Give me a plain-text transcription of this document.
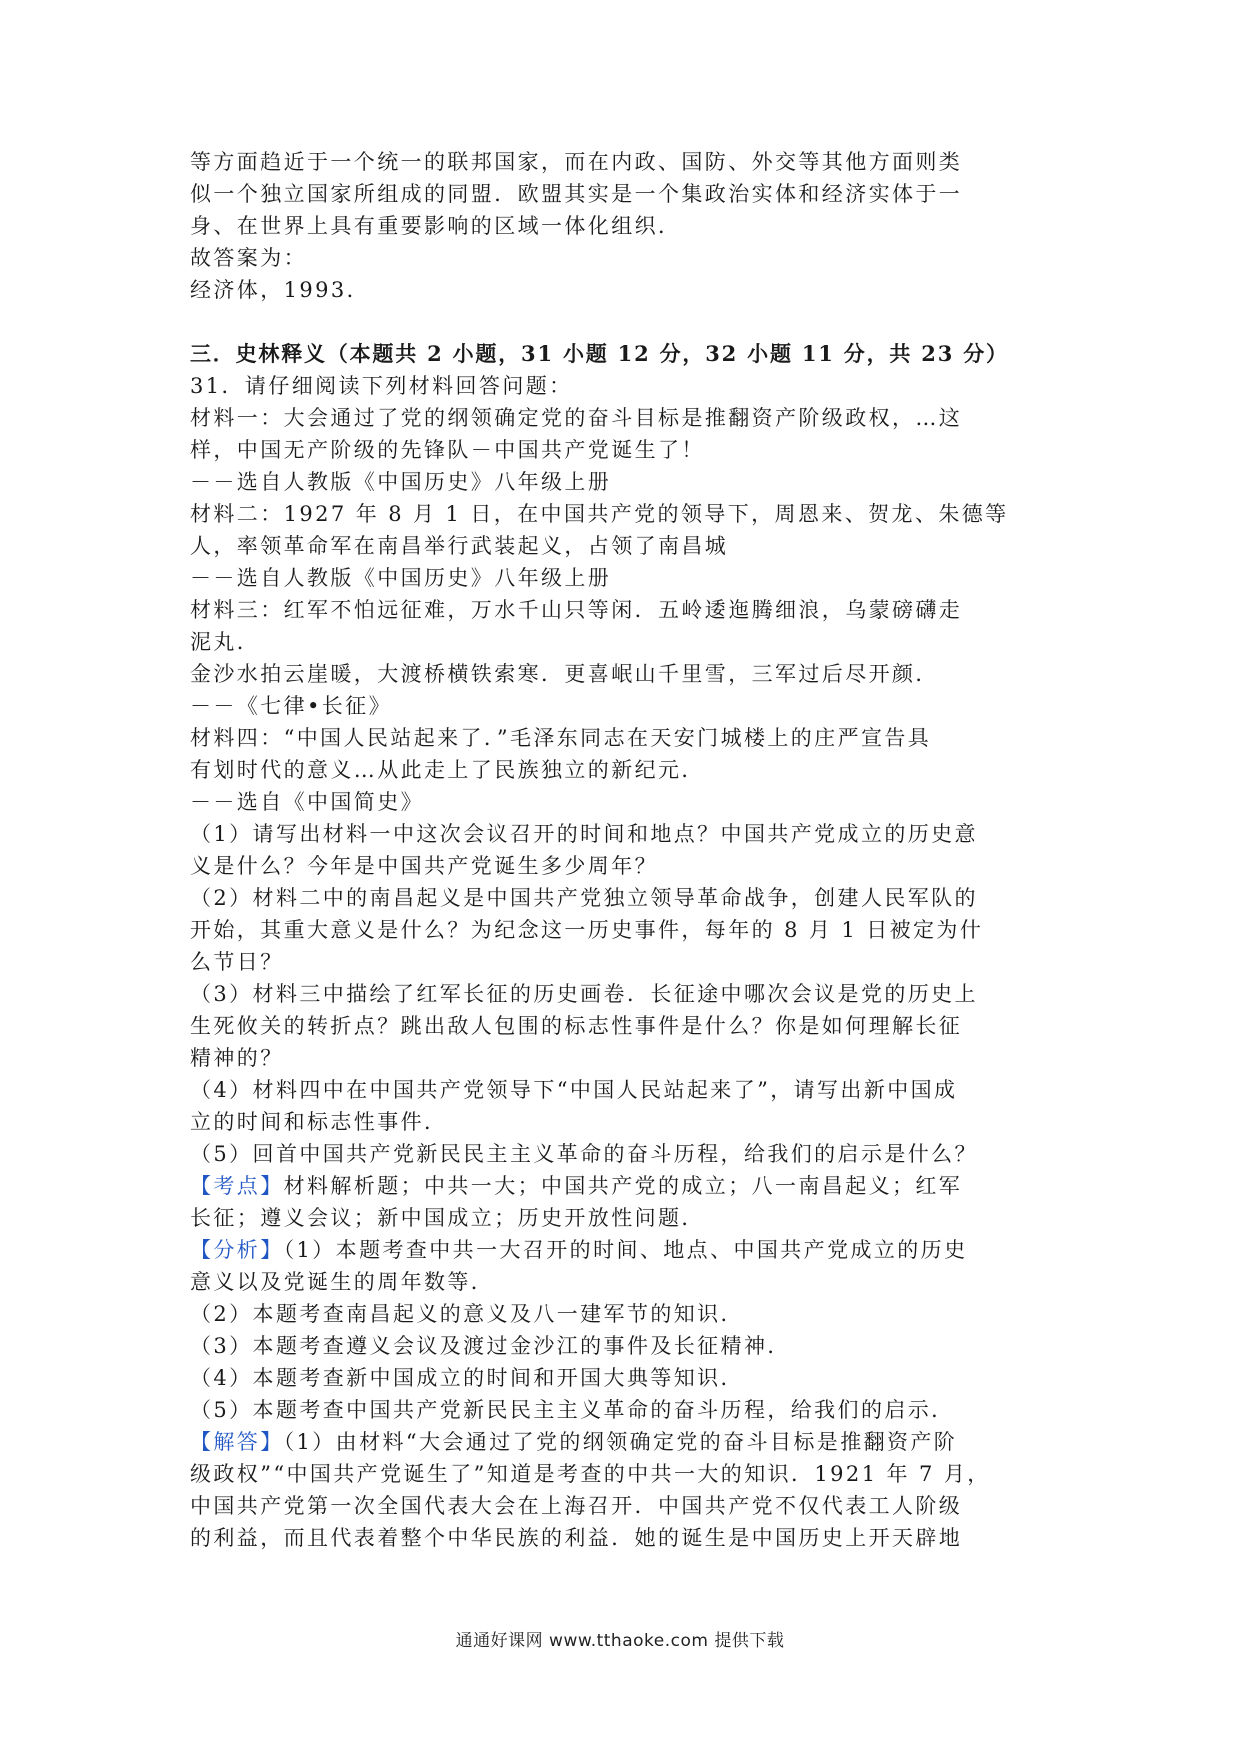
等方面趋近于一个统一的联邦国家，而在内政、国防、外交等其他方面则类
似一个独立国家所组成的同盟．欧盟其实是一个集政治实体和经济实体于一
身、在世界上具有重要影响的区域一体化组织．
故答案为：
经济体，1993．
三．史林释义（本题共 2 小题，31 小题 12 分，32 小题 11 分，共 23 分）
31．请仔细阅读下列材料回答问题：
材料一：大会通过了党的纲领确定党的奋斗目标是推翻资产阶级政权，…这
样，中国无产阶级的先锋队－中国共产党诞生了！
－－选自人教版《中国历史》八年级上册
材料二：1927 年 8 月 1 日，在中国共产党的领导下，周恩来、贺龙、朱德等
人，率领革命军在南昌举行武装起义，占领了南昌城
－－选自人教版《中国历史》八年级上册
材料三：红军不怕远征难，万水千山只等闲．五岭逶迤腾细浪，乌蒙磅礴走
泥丸．
金沙水拍云崖暖，大渡桥横铁索寒．更喜岷山千里雪，三军过后尽开颜．
－－《七律•长征》
材料四：“中国人民站起来了．”毛泽东同志在天安门城楼上的庄严宣告具
有划时代的意义…从此走上了民族独立的新纪元．
－－选自《中国简史》
（1）请写出材料一中这次会议召开的时间和地点？中国共产党成立的历史意
义是什么？今年是中国共产党诞生多少周年？
（2）材料二中的南昌起义是中国共产党独立领导革命战争，创建人民军队的
开始，其重大意义是什么？为纪念这一历史事件，每年的 8 月 1 日被定为什
么节日？
（3）材料三中描绘了红军长征的历史画卷．长征途中哪次会议是党的历史上
生死攸关的转折点？跳出敌人包围的标志性事件是什么？你是如何理解长征
精神的？
（4）材料四中在中国共产党领导下“中国人民站起来了”，请写出新中国成
立的时间和标志性事件．
（5）回首中国共产党新民民主主义革命的奋斗历程，给我们的启示是什么？
【考点】材料解析题；中共一大；中国共产党的成立；八一南昌起义；红军
长征；遵义会议；新中国成立；历史开放性问题．
【分析】（1）本题考查中共一大召开的时间、地点、中国共产党成立的历史
意义以及党诞生的周年数等．
（2）本题考查南昌起义的意义及八一建军节的知识．
（3）本题考查遵义会议及渡过金沙江的事件及长征精神．
（4）本题考查新中国成立的时间和开国大典等知识．
（5）本题考查中国共产党新民民主主义革命的奋斗历程，给我们的启示．
【解答】（1）由材料“大会通过了党的纲领确定党的奋斗目标是推翻资产阶
级政权”“中国共产党诞生了”知道是考查的中共一大的知识．1921 年 7 月，
中国共产党第一次全国代表大会在上海召开．中国共产党不仅代表工人阶级
的利益，而且代表着整个中华民族的利益．她的诞生是中国历史上开天辟地
通通好课网 www.tthaoke.com 提供下载
